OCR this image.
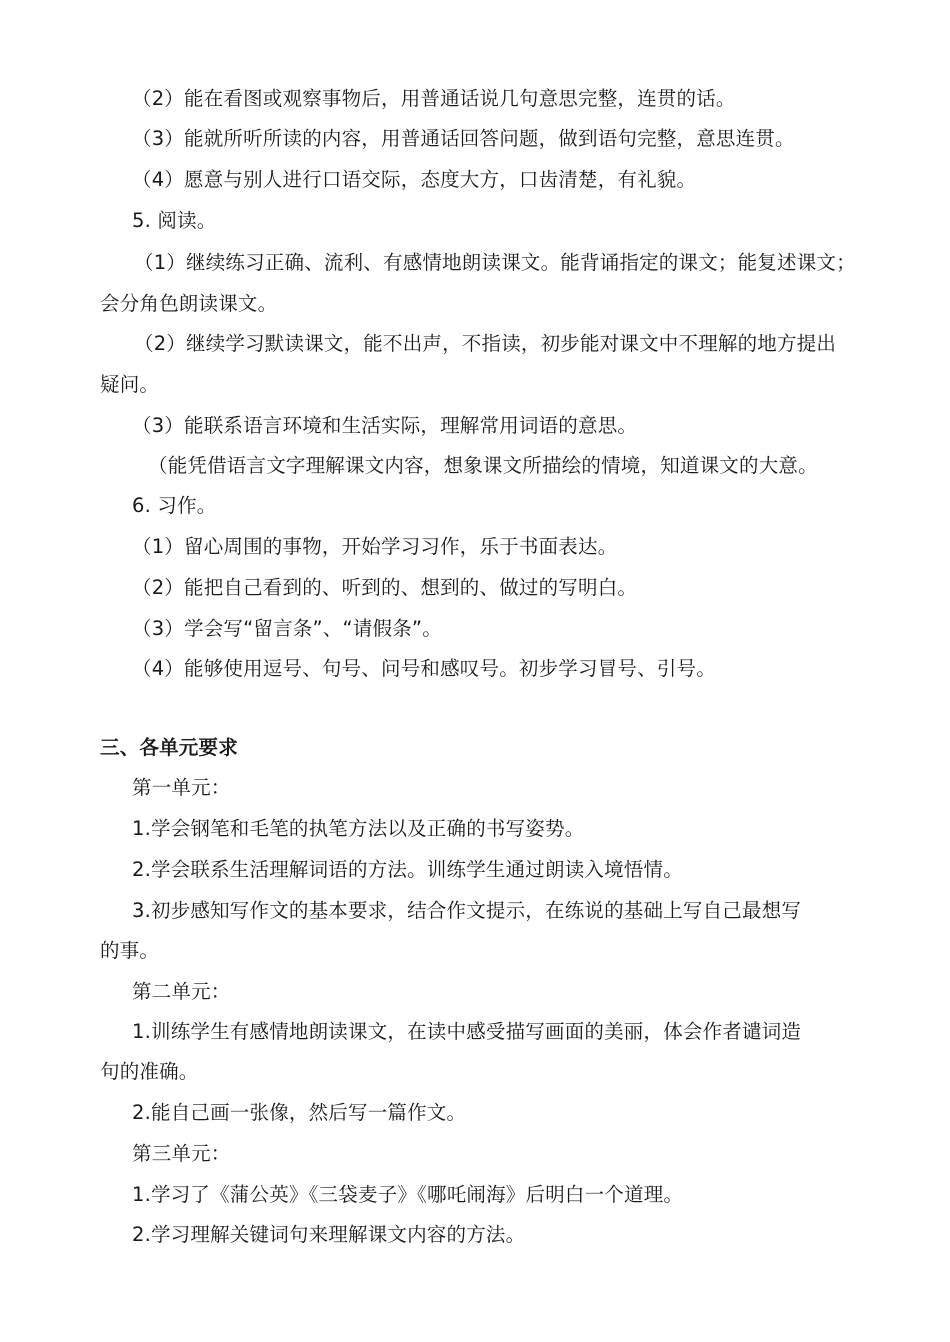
（2）能在看图或观察事物后，用普通话说几句意思完整，连贯的话。
（3）能就所听所读的内容，用普通话回答问题，做到语句完整，意思连贯。
（4）愿意与别人进行口语交际，态度大方，口齿清楚，有礼貌。
5. 阅读。
（1）继续练习正确、流利、有感情地朗读课文。能背诵指定的课文；能复述课文；
会分角色朗读课文。
（2）继续学习默读课文，能不出声，不指读，初步能对课文中不理解的地方提出
疑问。
（3）能联系语言环境和生活实际，理解常用词语的意思。
（能凭借语言文字理解课文内容，想象课文所描绘的情境，知道课文的大意。
6. 习作。
（1）留心周围的事物，开始学习习作，乐于书面表达。
（2）能把自己看到的、听到的、想到的、做过的写明白。
（3）学会写“留言条”、“请假条”。
（4）能够使用逗号、句号、问号和感叹号。初步学习冒号、引号。
三、各单元要求
第一单元：
1.学会钢笔和毛笔的执笔方法以及正确的书写姿势。
2.学会联系生活理解词语的方法。训练学生通过朗读入境悟情。
3.初步感知写作文的基本要求，结合作文提示，在练说的基础上写自己最想写
的事。
第二单元：
1.训练学生有感情地朗读课文，在读中感受描写画面的美丽，体会作者谴词造
句的准确。
2.能自己画一张像，然后写一篇作文。
第三单元：
1.学习了《蒲公英》《三袋麦子》《哪吒闹海》后明白一个道理。
2.学习理解关键词句来理解课文内容的方法。
